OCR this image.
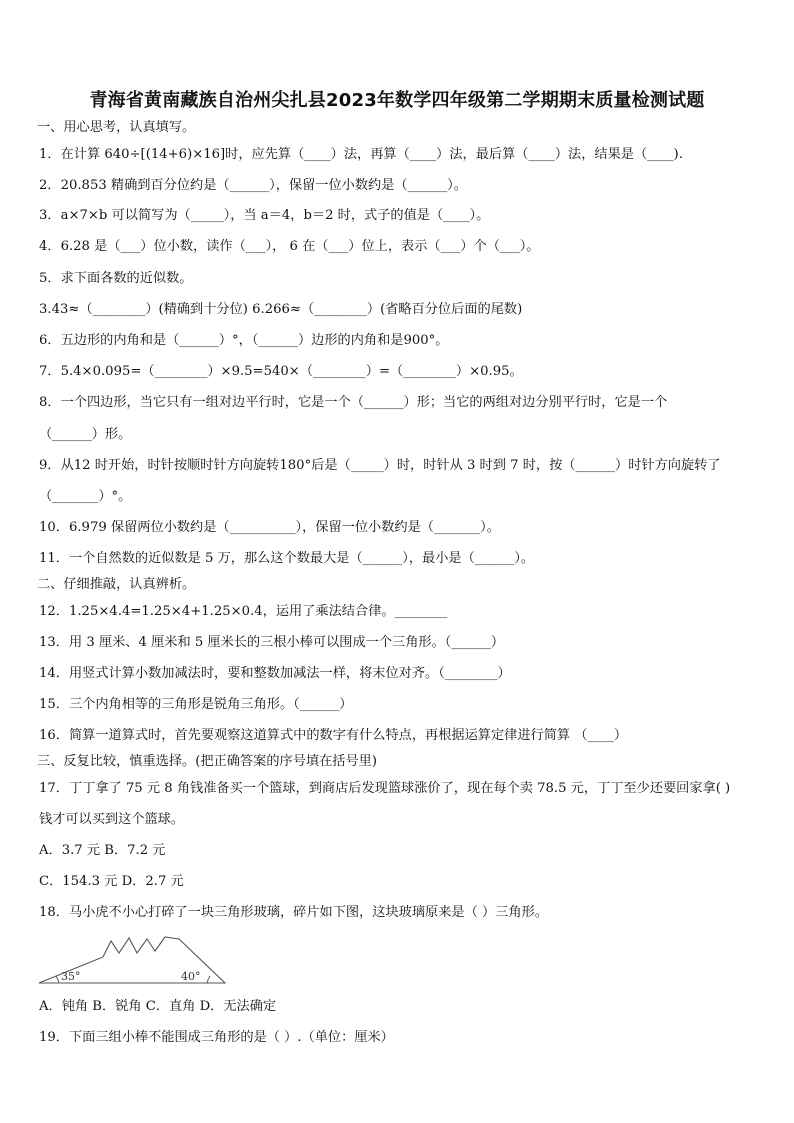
青海省黄南藏族自治州尖扎县2023年数学四年级第二学期期末质量检测试题
一、用心思考，认真填写。
1．在计算 640÷[(14+6)×16]时，应先算（____）法，再算（____）法，最后算（____）法，结果是（____).
2．20.853 精确到百分位约是（______），保留一位小数约是（______）。
3．a×7×b 可以简写为（_____），当 a＝4，b＝2 时，式子的值是（____）。
4．6.28 是（___）位小数，读作（___）， 6 在（___）位上，表示（___）个（___）。
5．求下面各数的近似数。
3.43≈（________）(精确到十分位) 6.266≈（________）(省略百分位后面的尾数)
6．五边形的内角和是（______）°，（______）边形的内角和是900°。
7．5.4×0.095=（________）×9.5=540×（________）=（________）×0.95。
8．一个四边形，当它只有一组对边平行时，它是一个（______）形；当它的两组对边分别平行时，它是一个
（______）形。
9．从12 时开始，时针按顺时针方向旋转180°后是（_____）时，时针从 3 时到 7 时，按（______）时针方向旋转了
（_______）°。
10．6.979 保留两位小数约是（__________），保留一位小数约是（_______）。
11．一个自然数的近似数是 5 万，那么这个数最大是（______），最小是（______）。
二、仔细推敲，认真辨析。
12．1.25×4.4=1.25×4+1.25×0.4，运用了乘法结合律。________
13．用 3 厘米、4 厘米和 5 厘米长的三根小棒可以围成一个三角形。（______）
14．用竖式计算小数加减法时，要和整数加减法一样，将末位对齐。（________）
15．三个内角相等的三角形是锐角三角形。（______）
16．简算一道算式时，首先要观察这道算式中的数字有什么特点，再根据运算定律进行简算 （____）
三、反复比较，慎重选择。(把正确答案的序号填在括号里)
17．丁丁拿了 75 元 8 角钱准备买一个篮球，到商店后发现篮球涨价了，现在每个卖 78.5 元，丁丁至少还要回家拿( )
钱才可以买到这个篮球。
A．3.7 元 B．7.2 元
C．154.3 元 D．2.7 元
18．马小虎不小心打碎了一块三角形玻璃，碎片如下图，这块玻璃原来是（ ）三角形。
35°	40°
A．钝角 B．锐角 C．直角 D．无法确定
19．下面三组小棒不能围成三角形的是（ ）.（单位：厘米）
